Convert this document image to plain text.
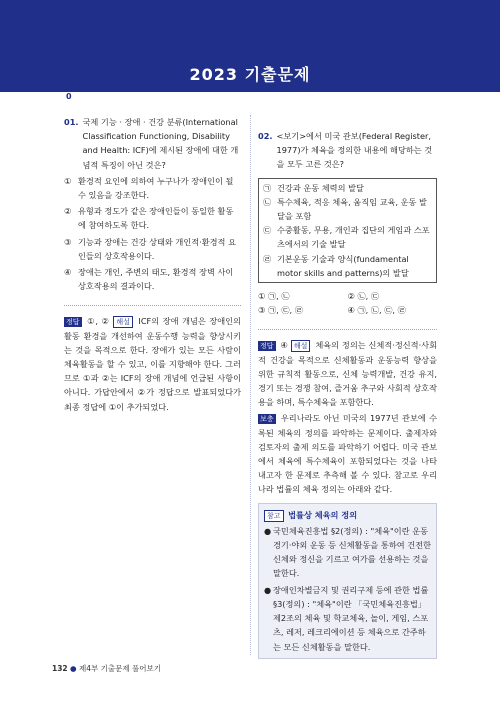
2023 기출문제
0
01. 국제 기능 · 장애 · 건강 분류(International Classification Functioning, Disability and Health: ICF)에 제시된 장애에 대한 개념적 특징이 아닌 것은?
① 환경적 요인에 의하여 누구나가 장애인이 될 수 있음을 강조한다.
② 유형과 정도가 같은 장애인들이 동일한 활동에 참여하도록 한다.
③ 기능과 장애는 건강 상태와 개인적·환경적 요인들의 상호작용이다.
④ 장애는 개인, 주변의 태도, 환경적 장벽 사이 상호작용의 결과이다.
정답 ①, ② 해설 ICF의 장애 개념은 장애인의 활동 환경을 개선하여 운동수행 능력을 향상시키는 것을 목적으로 한다. 장애가 있는 모든 사람이 체육활동을 할 수 있고, 이를 지향해야 한다. 그러므로 ①과 ②는 ICF의 장애 개념에 언급된 사항이 아니다. 가답안에서 ②가 정답으로 발표되었다가 최종 정답에 ①이 추가되었다.
02. <보기>에서 미국 관보(Federal Register, 1977)가 체육을 정의한 내용에 해당하는 것을 모두 고른 것은?
㉠ 건강과 운동 체력의 발달
㉡ 특수체육, 적응 체육, 움직임 교육, 운동 발달을 포함
㉢ 수중활동, 무용, 개인과 집단의 게임과 스포츠에서의 기술 발달
㉣ 기본운동 기술과 양식(fundamental motor skills and patterns)의 발달
① ㉠, ㉡	② ㉡, ㉢
③ ㉠, ㉢, ㉣	④ ㉠, ㉡, ㉢, ㉣
정답 ④ 해설 체육의 정의는 신체적·정신적·사회적 건강을 목적으로 신체활동과 운동능력 향상을 위한 규칙적 활동으로, 신체 능력개발, 건강 유지, 경기 또는 경쟁 참여, 즐거움 추구와 사회적 상호작용을 하며, 특수체육을 포함한다.
보충 우리나라도 아닌 미국의 1977년 관보에 수록된 체육의 정의를 파악하는 문제이다. 출제자와 검토자의 출제 의도를 파악하기 어렵다. 미국 관보에서 체육에 특수체육이 포함되었다는 것을 나타내고자 한 문제로 추측해 볼 수 있다. 참고로 우리나라 법률의 체육 정의는 아래와 같다.
참고 법률상 체육의 정의
● 국민체육진흥법 §2(정의) : "체육"이란 운동 경기·야외 운동 등 신체활동을 통하여 건전한 신체와 정신을 기르고 여가를 선용하는 것을 말한다.
● 장애인차별금지 및 권리구제 등에 관한 법률 §3(정의) : "체육"이란 「국민체육진흥법」 제2조의 체육 및 학교체육, 놀이, 게임, 스포츠, 레저, 레크리에이션 등 체육으로 간주하는 모든 신체활동을 말한다.
132 ● 제4부 기출문제 풀어보기
